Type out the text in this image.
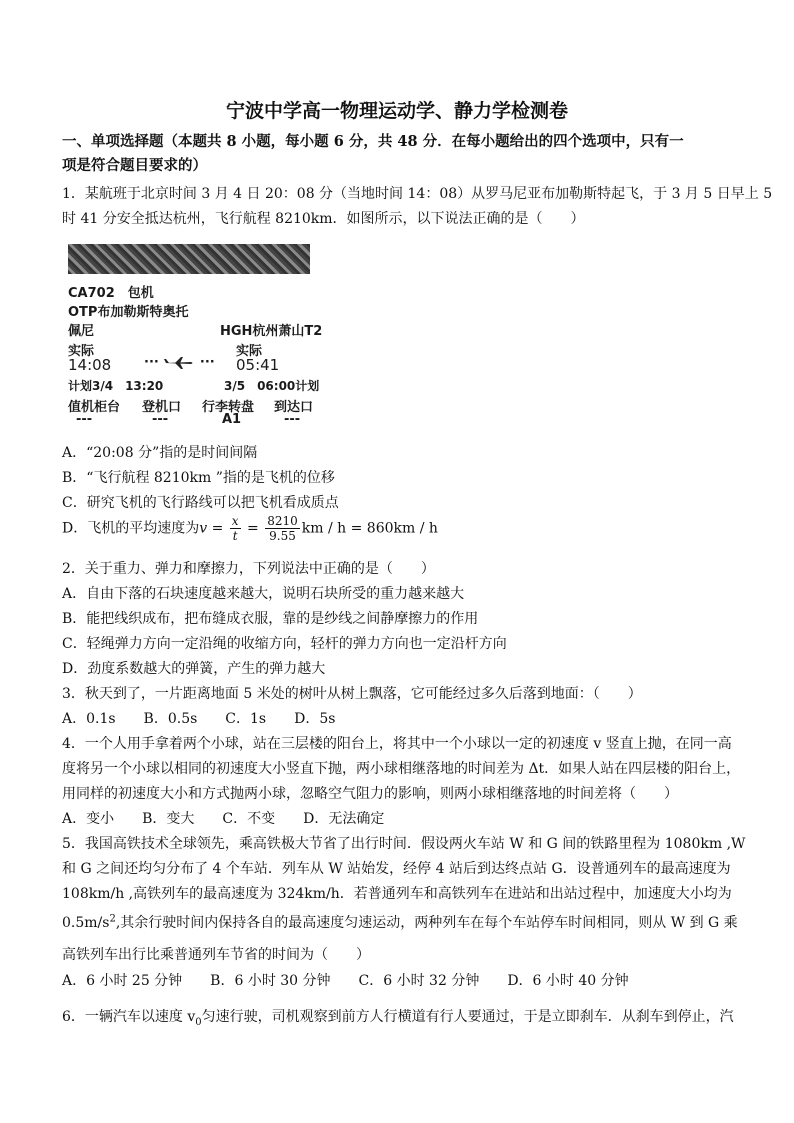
宁波中学高一物理运动学、静力学检测卷
一、单项选择题（本题共 8 小题，每小题 6 分，共 48 分．在每小题给出的四个选项中，只有一
项是符合题目要求的）
1．某航班于北京时间 3 月 4 日 20：08 分（当地时间 14：08）从罗马尼亚布加勒斯特起飞，于 3 月 5 日早上 5
时 41 分安全抵达杭州，飞行航程 8210km．如图所示，以下说法正确的是（　　）
CA702　包机
OTP布加勒斯特奥托
佩尼	HGH杭州萧山T2
实际	实际
14:08	···	··· 05:41
计划3/4　13:20	3/5　06:00计划
值机柜台 登机口 行李转盘 到达口
---	---	A1	---
A．“20:08 分”指的是时间间隔
B．“飞行航程 8210km ”指的是飞机的位移
C．研究飞机的飞行路线可以把飞机看成质点
D．飞机的平均速度为$v = \frac{x}{t} = \frac{8210}{9.55}$ km / h = 860km / h
2．关于重力、弹力和摩擦力，下列说法中正确的是（　　）
A．自由下落的石块速度越来越大，说明石块所受的重力越来越大
B．能把线织成布，把布缝成衣服，靠的是纱线之间静摩擦力的作用
C．轻绳弹力方向一定沿绳的收缩方向，轻杆的弹力方向也一定沿杆方向
D．劲度系数越大的弹簧，产生的弹力越大
3．秋天到了，一片距离地面 5 米处的树叶从树上飘落，它可能经过多久后落到地面：（　　）
A．0.1s　　B．0.5s　　C．1s　　D．5s
4．一个人用手拿着两个小球，站在三层楼的阳台上，将其中一个小球以一定的初速度 v 竖直上抛，在同一高
度将另一个小球以相同的初速度大小竖直下抛，两小球相继落地的时间差为 Δt．如果人站在四层楼的阳台上，
用同样的初速度大小和方式抛两小球，忽略空气阻力的影响，则两小球相继落地的时间差将（　　）
A．变小　　B．变大　　C．不变　　D．无法确定
5．我国高铁技术全球领先，乘高铁极大节省了出行时间．假设两火车站 W 和 G 间的铁路里程为 1080km ,W
和 G 之间还均匀分布了 4 个车站．列车从 W 站始发，经停 4 站后到达终点站 G．设普通列车的最高速度为
108km/h ,高铁列车的最高速度为 324km/h．若普通列车和高铁列车在进站和出站过程中，加速度大小均为
$0.5m/s^2$,其余行驶时间内保持各自的最高速度匀速运动，两种列车在每个车站停车时间相同，则从 W 到 G 乘
高铁列车出行比乘普通列车节省的时间为（　　）
A．6 小时 25 分钟　　B．6 小时 30 分钟　　C．6 小时 32 分钟　　D．6 小时 40 分钟
6．一辆汽车以速度 $v_0$匀速行驶，司机观察到前方人行横道有行人要通过，于是立即刹车．从刹车到停止，汽
